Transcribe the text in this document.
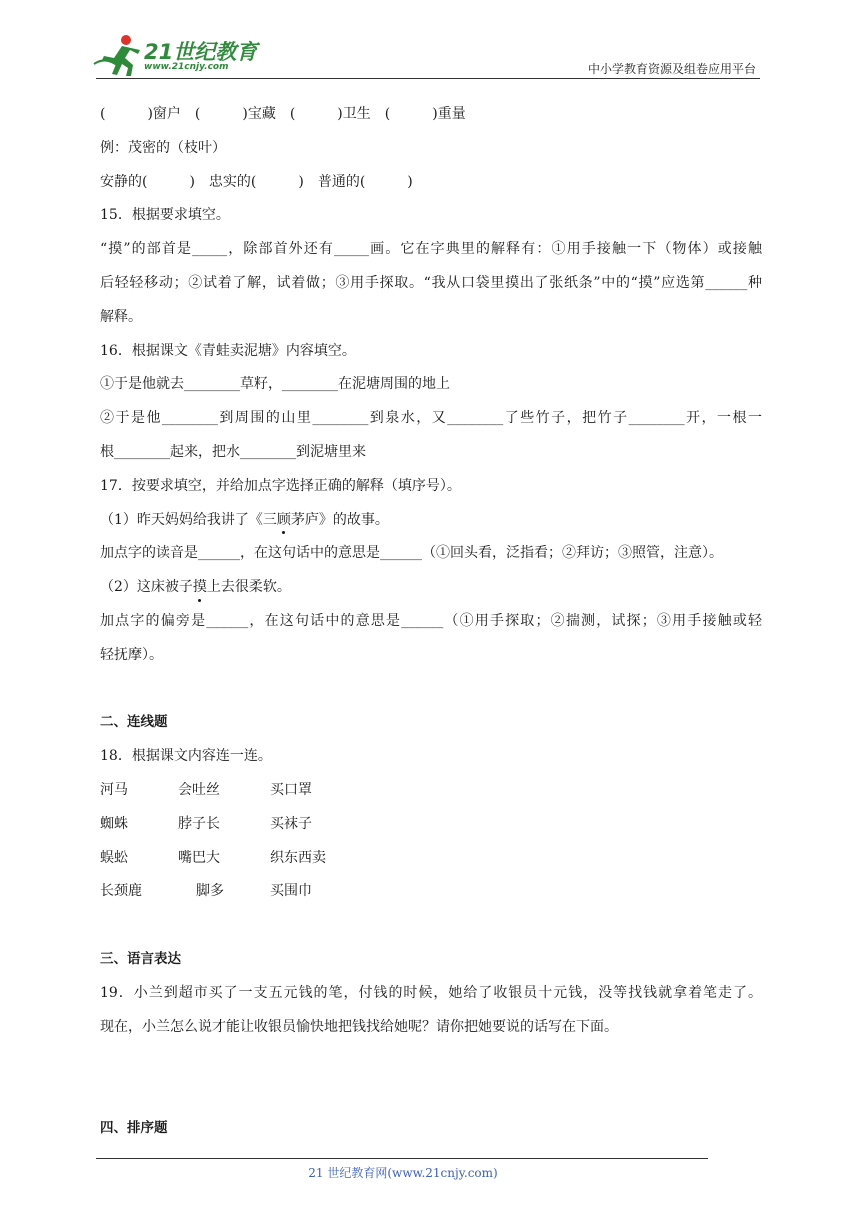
21世纪教育
www.21cnjy.com	中小学教育资源及组卷应用平台
(　　　)窗户　(　　　)宝藏　(　　　)卫生　(　　　)重量
例：茂密的（枝叶）
安静的(　　　)　忠实的(　　　)　普通的(　　　)
15．根据要求填空。
“摸”的部首是_____，除部首外还有_____画。它在字典里的解释有：①用手接触一下（物体）或接触
后轻轻移动；②试着了解，试着做；③用手探取。“我从口袋里摸出了张纸条”中的“摸”应选第______种
解释。
16．根据课文《青蛙卖泥塘》内容填空。
①于是他就去________草籽，________在泥塘周围的地上
②于是他________到周围的山里________到泉水，又________了些竹子，把竹子________开，一根一
根________起来，把水________到泥塘里来
17．按要求填空，并给加点字选择正确的解释（填序号）。
（1）昨天妈妈给我讲了《三顾茅庐》的故事。
加点字的读音是______，在这句话中的意思是______（①回头看，泛指看；②拜访；③照管，注意）。
（2）这床被子摸上去很柔软。
加点字的偏旁是______，在这句话中的意思是______（①用手探取；②揣测，试探；③用手接触或轻
轻抚摩）。
二、连线题
18．根据课文内容连一连。
河马	会吐丝	买口罩
蜘蛛	脖子长	买袜子
蜈蚣	嘴巴大	织东西卖
长颈鹿	脚多	买围巾
三、语言表达
19．小兰到超市买了一支五元钱的笔，付钱的时候，她给了收银员十元钱，没等找钱就拿着笔走了。
现在，小兰怎么说才能让收银员愉快地把钱找给她呢？请你把她要说的话写在下面。
四、排序题
21 世纪教育网(www.21cnjy.com)
